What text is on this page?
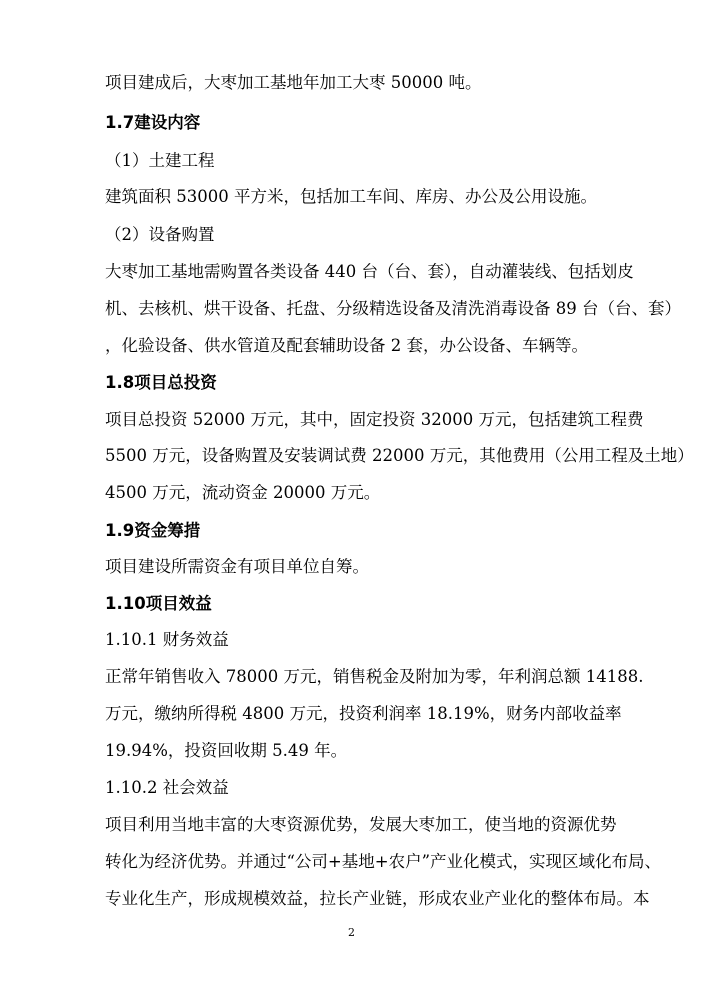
项目建成后，大枣加工基地年加工大枣 50000 吨。
1.7建设内容
（1）土建工程
建筑面积 53000 平方米，包括加工车间、库房、办公及公用设施。
（2）设备购置
大枣加工基地需购置各类设备 440 台（台、套），自动灌装线、包括划皮
机、去核机、烘干设备、托盘、分级精选设备及清洗消毒设备 89 台（台、套）
，化验设备、供水管道及配套辅助设备 2 套，办公设备、车辆等。
1.8项目总投资
项目总投资 52000 万元，其中，固定投资 32000 万元，包括建筑工程费
5500 万元，设备购置及安装调试费 22000 万元，其他费用（公用工程及土地）
4500 万元，流动资金 20000 万元。
1.9资金筹措
项目建设所需资金有项目单位自筹。
1.10项目效益
1.10.1 财务效益
正常年销售收入 78000 万元，销售税金及附加为零，年利润总额 14188.
万元，缴纳所得税 4800 万元，投资利润率 18.19%，财务内部收益率
19.94%，投资回收期 5.49 年。
1.10.2 社会效益
项目利用当地丰富的大枣资源优势，发展大枣加工，使当地的资源优势
转化为经济优势。并通过“公司+基地+农户”产业化模式，实现区域化布局、
专业化生产，形成规模效益，拉长产业链，形成农业产业化的整体布局。本
2
